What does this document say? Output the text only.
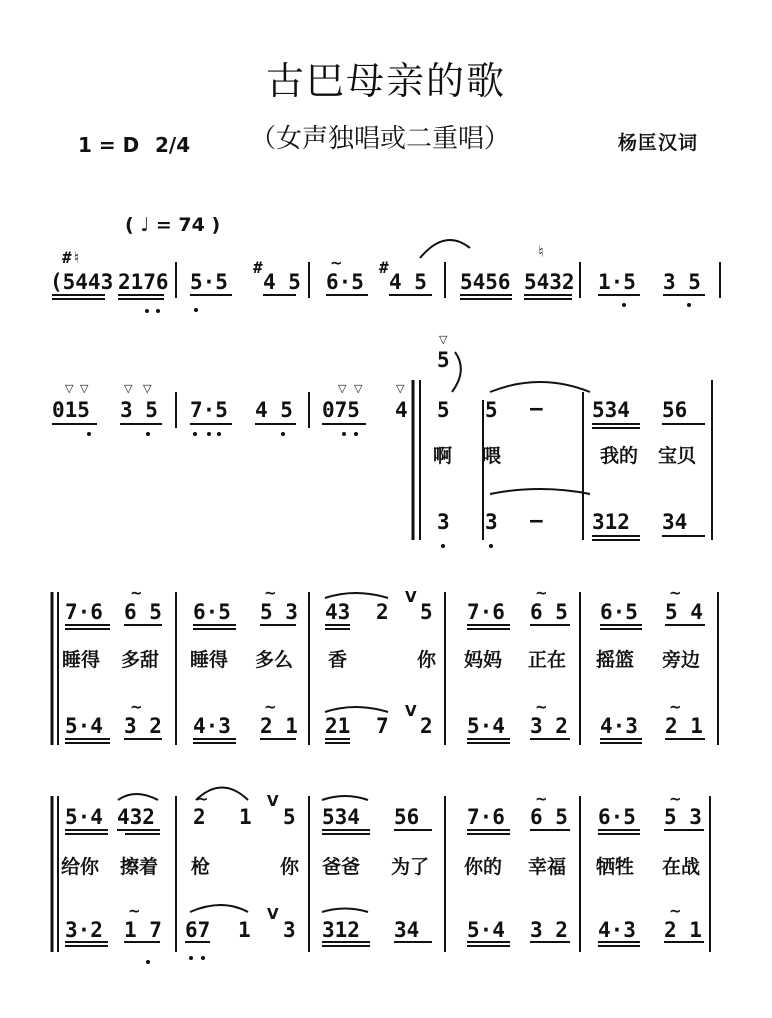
古巴母亲的歌
（女声独唱或二重唱）
1 = D 2/4	杨匡汉词
( ♩ = 74 )
#♮
(5443 2176 5·5
#
4 5 6·5
#
4 5 5456
♮
5432 1·5 3 5
015 3 5 7·5 4 5 075 4
5
5 5 — 534 56
啊 喂	我的 宝贝
3 3 — 312 34
7·6 6 5 6·5 5 3 43 2 5 7·6 6 5 6·5 5 4
睡得 多甜 睡得 多么 香	你 妈妈 正在 摇篮 旁边
5·4 3 2 4·3 2 1 21 7 2 5·4 3 2 4·3 2 1
5·4 432 2 1 5 534 56 7·6 6 5 6·5 5 3
给你 擦着 枪	你 爸爸 为了 你的 幸福 牺牲 在战
3·2 1 7 67 1 3 312 34 5·4 3 2 4·3 2 1
V
V
V
V
~
~	~	~	~
~	~	~	~
~	~	~
~	~
▽ ▽	▽ ▽	▽ ▽	▽
▽
